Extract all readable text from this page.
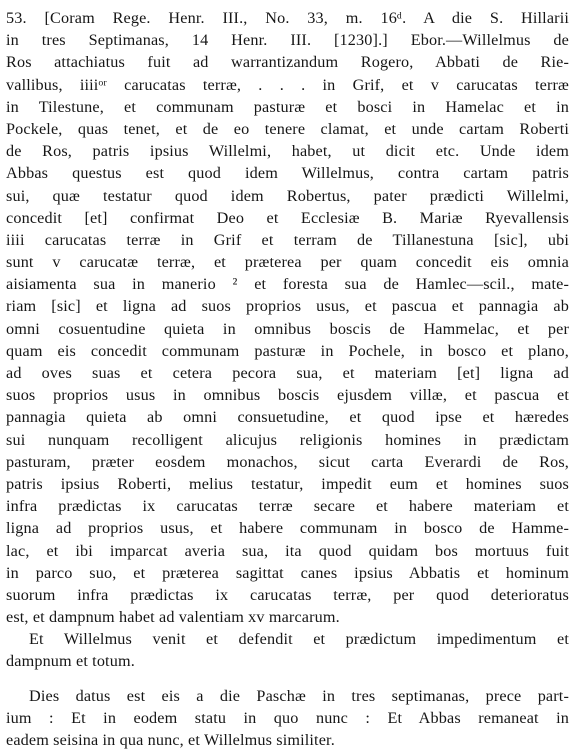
53. [Coram Rege. Henr. III., No. 33, m. 16ᵈ. A die S. Hillarii
in tres Septimanas, 14 Henr. III. [1230].] Ebor.—Willelmus de
Ros attachiatus fuit ad warrantizandum Rogero, Abbati de Rie-
vallibus, iiiiᵒʳ carucatas terræ, . . . in Grif, et v carucatas terræ
in Tilestune, et communam pasturæ et bosci in Hamelac et in
Pockele, quas tenet, et de eo tenere clamat, et unde cartam Roberti
de Ros, patris ipsius Willelmi, habet, ut dicit etc. Unde idem
Abbas questus est quod idem Willelmus, contra cartam patris
sui, quæ testatur quod idem Robertus, pater prædicti Willelmi,
concedit [et] confirmat Deo et Ecclesiæ B. Mariæ Ryevallensis
iiii carucatas terræ in Grif et terram de Tillanestuna [sic], ubi
sunt v carucatæ terræ, et præterea per quam concedit eis omnia
aisiamenta sua in manerio ² et foresta sua de Hamlec—scil., mate-
riam [sic] et ligna ad suos proprios usus, et pascua et pannagia ab
omni cosuentudine quieta in omnibus boscis de Hammelac, et per
quam eis concedit communam pasturæ in Pochele, in bosco et plano,
ad oves suas et cetera pecora sua, et materiam [et] ligna ad
suos proprios usus in omnibus boscis ejusdem villæ, et pascua et
pannagia quieta ab omni consuetudine, et quod ipse et hæredes
sui nunquam recolligent alicujus religionis homines in prædictam
pasturam, præter eosdem monachos, sicut carta Everardi de Ros,
patris ipsius Roberti, melius testatur, impedit eum et homines suos
infra prædictas ix carucatas terræ secare et habere materiam et
ligna ad proprios usus, et habere communam in bosco de Hamme-
lac, et ibi imparcat averia sua, ita quod quidam bos mortuus fuit
in parco suo, et præterea sagittat canes ipsius Abbatis et hominum
suorum infra prædictas ix carucatas terræ, per quod deterioratus
est, et dampnum habet ad valentiam xv marcarum.
Et Willelmus venit et defendit et prædictum impedimentum et
dampnum et totum.
Dies datus est eis a die Paschæ in tres septimanas, prece part-
ium : Et in eodem statu in quo nunc : Et Abbas remaneat in
eadem seisina in qua nunc, et Willelmus similiter.
